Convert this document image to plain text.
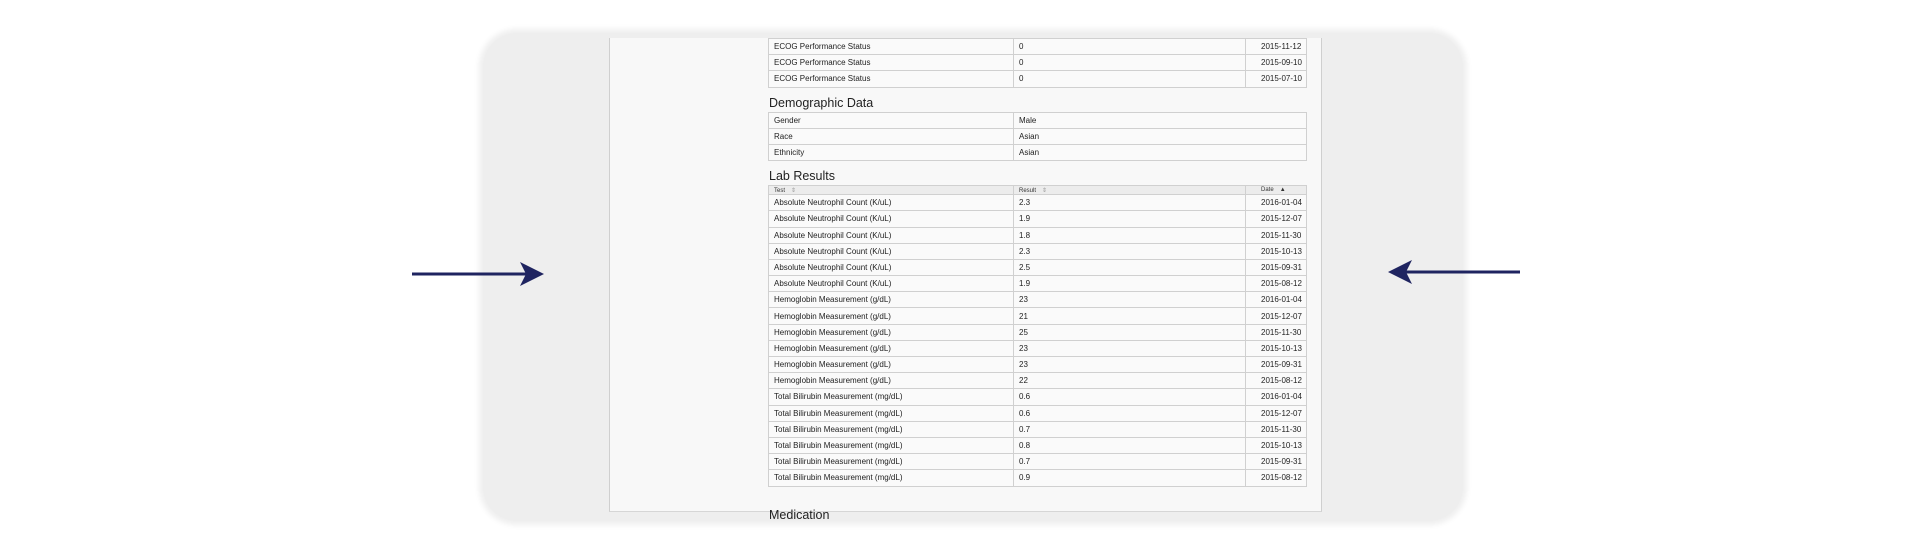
ECOG Performance Status	0	2015-11-12
ECOG Performance Status	0	2015-09-10
ECOG Performance Status	0	2015-07-10
Demographic Data
Gender	Male
Race	Asian
Ethnicity	Asian
Lab Results
Test ⇕	Result ⇕	Date ▲
Absolute Neutrophil Count (K/uL)	2.3	2016-01-04
Absolute Neutrophil Count (K/uL)	1.9	2015-12-07
Absolute Neutrophil Count (K/uL)	1.8	2015-11-30
Absolute Neutrophil Count (K/uL)	2.3	2015-10-13
Absolute Neutrophil Count (K/uL)	2.5	2015-09-31
Absolute Neutrophil Count (K/uL)	1.9	2015-08-12
Hemoglobin Measurement (g/dL)	23	2016-01-04
Hemoglobin Measurement (g/dL)	21	2015-12-07
Hemoglobin Measurement (g/dL)	25	2015-11-30
Hemoglobin Measurement (g/dL)	23	2015-10-13
Hemoglobin Measurement (g/dL)	23	2015-09-31
Hemoglobin Measurement (g/dL)	22	2015-08-12
Total Bilirubin Measurement (mg/dL)	0.6	2016-01-04
Total Bilirubin Measurement (mg/dL)	0.6	2015-12-07
Total Bilirubin Measurement (mg/dL)	0.7	2015-11-30
Total Bilirubin Measurement (mg/dL)	0.8	2015-10-13
Total Bilirubin Measurement (mg/dL)	0.7	2015-09-31
Total Bilirubin Measurement (mg/dL)	0.9	2015-08-12
Medication
